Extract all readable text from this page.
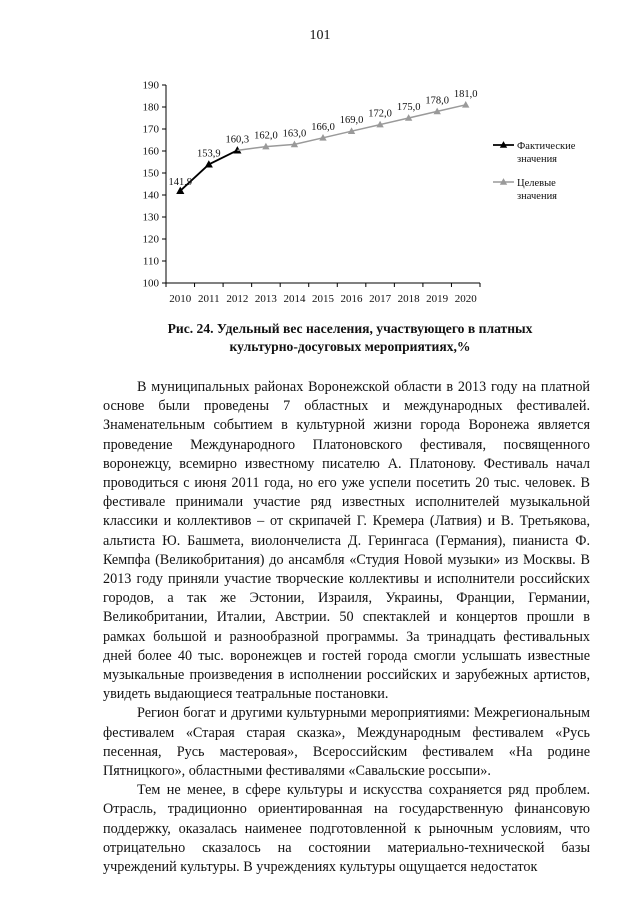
101
100
110
120
130
140
150
160
170
180
190
2010 2011 2012 2013 2014 2015 2016 2017 2018 2019 2020
141,9
153,9
160,3 162,0 163,0
166,0
169,0
172,0
175,0
178,0
181,0
Фактические
значения
Целевые
значения
Рис. 24. Удельный вес населения, участвующего в платных
культурно-досуговых мероприятиях,%

В муниципальных районах Воронежской области в 2013 году на платной основе были проведены 7 областных и международных фестивалей. Знаменательным событием в культурной жизни города Воронежа является проведение Международного Платоновского фестиваля, посвященного воронежцу, всемирно известному писателю А. Платонову. Фестиваль начал проводиться с июня 2011 года, но его уже успели посетить 20 тыс. человек. В фестивале принимали участие ряд известных исполнителей музыкальной классики и коллективов – от скрипачей Г. Кремера (Латвия) и В. Третьякова, альтиста Ю. Башмета, виолончелиста Д. Герингаса (Германия), пианиста Ф. Кемпфа (Великобритания) до ансамбля «Студия Новой музыки» из Москвы. В 2013 году приняли участие творческие коллективы и исполнители российских городов, а так же Эстонии, Израиля, Украины, Франции, Германии, Великобритании, Италии, Австрии. 50 спектаклей и концертов прошли в рамках большой и разнообразной программы. За тринадцать фестивальных дней более 40 тыс. воронежцев и гостей города смогли услышать известные музыкальные произведения в исполнении российских и зарубежных артистов, увидеть выдающиеся театральные постановки.

Регион богат и другими культурными мероприятиями: Межрегиональным фестивалем «Старая старая сказка», Международным фестивалем «Русь песенная, Русь мастеровая», Всероссийским фестивалем «На родине Пятницкого», областными фестивалями «Савальские россыпи».

Тем не менее, в сфере культуры и искусства сохраняется ряд проблем. Отрасль, традиционно ориентированная на государственную финансовую поддержку, оказалась наименее подготовленной к рыночным условиям, что отрицательно сказалось на состоянии материально-технической базы учреждений культуры. В учреждениях культуры ощущается недостаток
